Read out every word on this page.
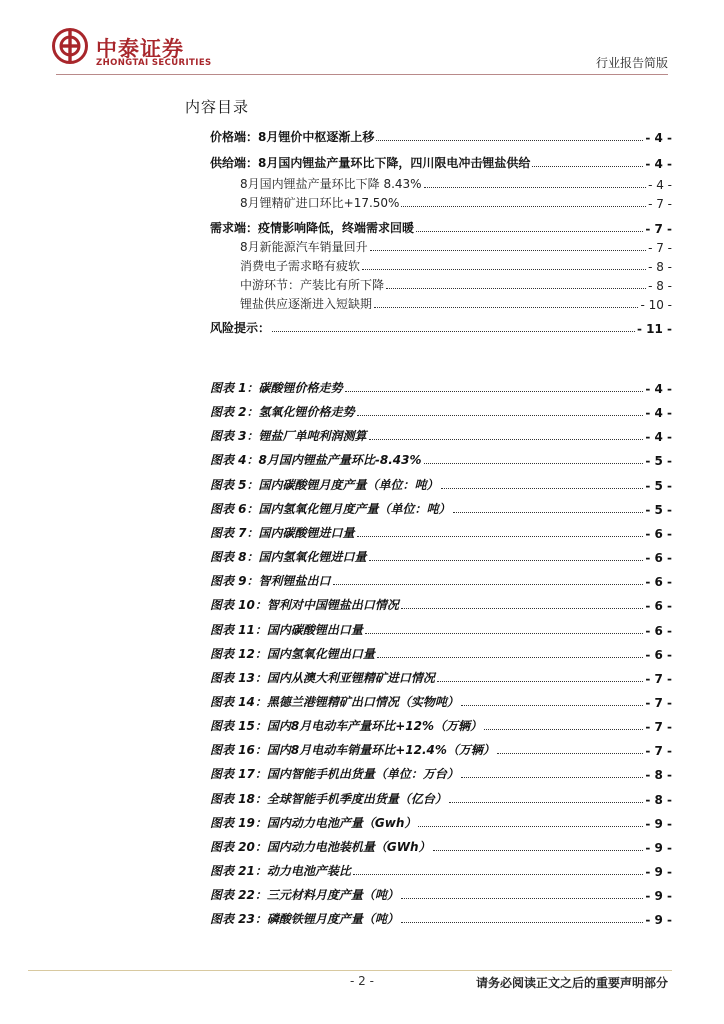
中泰证券
ZHONGTAI SECURITIES	行业报告简版
内容目录
价格端：8月锂价中枢逐渐上移	- 4 -
供给端：8月国内锂盐产量环比下降，四川限电冲击锂盐供给	- 4 -
8月国内锂盐产量环比下降 8.43%	- 4 -
8月锂精矿进口环比+17.50%	- 7 -
需求端：疫情影响降低，终端需求回暖	- 7 -
8月新能源汽车销量回升	- 7 -
消费电子需求略有疲软	- 8 -
中游环节：产装比有所下降	- 8 -
锂盐供应逐渐进入短缺期	- 10 -
风险提示：	- 11 -
图表 1：碳酸锂价格走势	- 4 -
图表 2：氢氧化锂价格走势	- 4 -
图表 3：锂盐厂单吨利润测算	- 4 -
图表 4：8月国内锂盐产量环比-8.43%	- 5 -
图表 5：国内碳酸锂月度产量（单位：吨）	- 5 -
图表 6：国内氢氧化锂月度产量（单位：吨）	- 5 -
图表 7：国内碳酸锂进口量	- 6 -
图表 8：国内氢氧化锂进口量	- 6 -
图表 9：智利锂盐出口	- 6 -
图表 10：智利对中国锂盐出口情况	- 6 -
图表 11：国内碳酸锂出口量	- 6 -
图表 12：国内氢氧化锂出口量	- 6 -
图表 13：国内从澳大利亚锂精矿进口情况	- 7 -
图表 14：黑德兰港锂精矿出口情况（实物吨）	- 7 -
图表 15：国内8月电动车产量环比+12%（万辆）	- 7 -
图表 16：国内8月电动车销量环比+12.4%（万辆）	- 7 -
图表 17：国内智能手机出货量（单位：万台）	- 8 -
图表 18：全球智能手机季度出货量（亿台）	- 8 -
图表 19：国内动力电池产量（Gwh）	- 9 -
图表 20：国内动力电池装机量（GWh）	- 9 -
图表 21：动力电池产装比	- 9 -
图表 22：三元材料月度产量（吨）	- 9 -
图表 23：磷酸铁锂月度产量（吨）	- 9 -
- 2 -	请务必阅读正文之后的重要声明部分
